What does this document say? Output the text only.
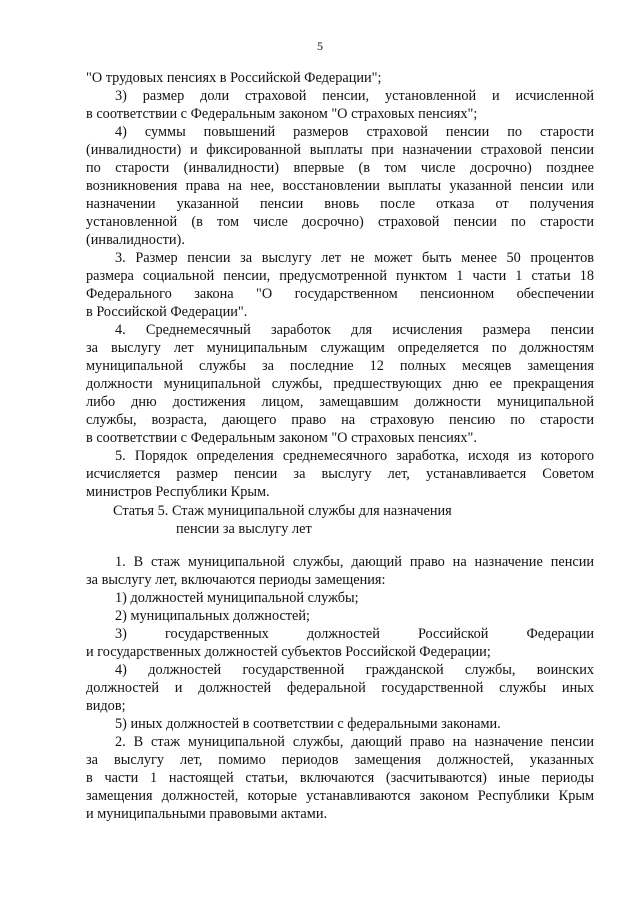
5
"О трудовых пенсиях в Российской Федерации";
3) размер доли страховой пенсии, установленной и исчисленной
в соответствии с Федеральным законом "О страховых пенсиях";
4) суммы повышений размеров страховой пенсии по старости
(инвалидности) и фиксированной выплаты при назначении страховой пенсии
по старости (инвалидности) впервые (в том числе досрочно) позднее
возникновения права на нее, восстановлении выплаты указанной пенсии или
назначении указанной пенсии вновь после отказа от получения
установленной (в том числе досрочно) страховой пенсии по старости
(инвалидности).
3. Размер пенсии за выслугу лет не может быть менее 50 процентов
размера социальной пенсии, предусмотренной пунктом 1 части 1 статьи 18
Федерального закона "О государственном пенсионном обеспечении
в Российской Федерации".
4. Среднемесячный заработок для исчисления размера пенсии
за выслугу лет муниципальным служащим определяется по должностям
муниципальной службы за последние 12 полных месяцев замещения
должности муниципальной службы, предшествующих дню ее прекращения
либо дню достижения лицом, замещавшим должности муниципальной
службы, возраста, дающего право на страховую пенсию по старости
в соответствии с Федеральным законом "О страховых пенсиях".
5. Порядок определения среднемесячного заработка, исходя из которого
исчисляется размер пенсии за выслугу лет, устанавливается Советом
министров Республики Крым.
Статья 5. Стаж муниципальной службы для назначения
пенсии за выслугу лет
1. В стаж муниципальной службы, дающий право на назначение пенсии
за выслугу лет, включаются периоды замещения:
1) должностей муниципальной службы;
2) муниципальных должностей;
3) государственных должностей Российской Федерации
и государственных должностей субъектов Российской Федерации;
4) должностей государственной гражданской службы, воинских
должностей и должностей федеральной государственной службы иных
видов;
5) иных должностей в соответствии с федеральными законами.
2. В стаж муниципальной службы, дающий право на назначение пенсии
за выслугу лет, помимо периодов замещения должностей, указанных
в части 1 настоящей статьи, включаются (засчитываются) иные периоды
замещения должностей, которые устанавливаются законом Республики Крым
и муниципальными правовыми актами.
